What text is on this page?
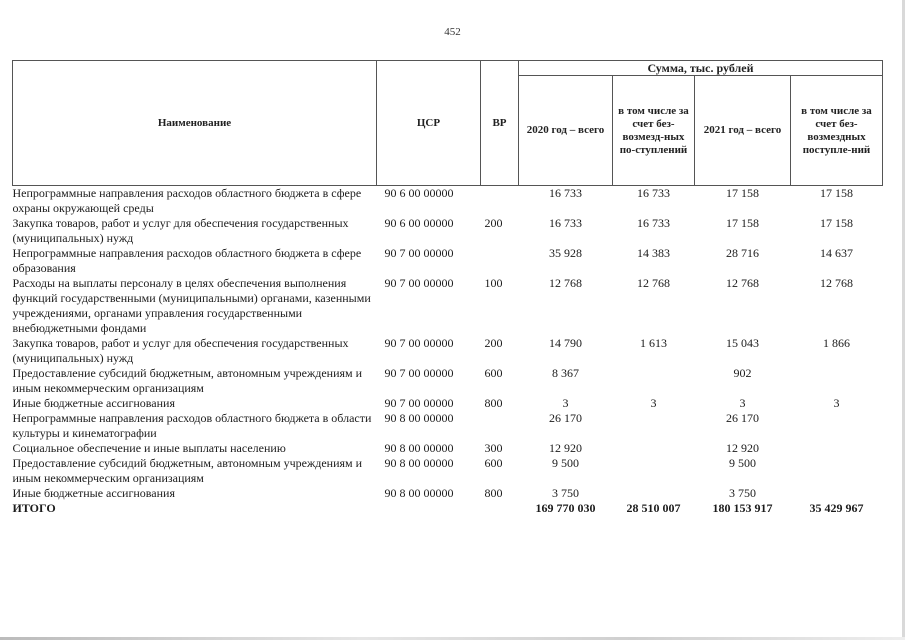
452
Наименование	ЦСР	ВР	Сумма, тыс. рублей			
			2020 год – всего	в том числе за счет без-возмезд-ных по-ступлений	2021 год – всего	в том числе за счет без-возмездных поступле-ний
Непрограммные направления расходов областного бюджета в сфере охраны окружающей среды	90 6 00 00000		16 733	16 733	17 158	17 158
Закупка товаров, работ и услуг для обеспечения государственных (муниципальных) нужд	90 6 00 00000	200	16 733	16 733	17 158	17 158
Непрограммные направления расходов областного бюджета в сфере образования	90 7 00 00000		35 928	14 383	28 716	14 637
Расходы на выплаты персоналу в целях обеспечения выполнения функций государственными (муниципальными) органами, казенными учреждениями, органами управления государственными внебюджетными фондами	90 7 00 00000	100	12 768	12 768	12 768	12 768
Закупка товаров, работ и услуг для обеспечения государственных (муниципальных) нужд	90 7 00 00000	200	14 790	1 613	15 043	1 866
Предоставление субсидий бюджетным, автономным учреждениям и иным некоммерческим организациям	90 7 00 00000	600	8 367		902	
Иные бюджетные ассигнования	90 7 00 00000	800	3	3	3	3
Непрограммные направления расходов областного бюджета в области культуры и кинематографии	90 8 00 00000		26 170		26 170	
Социальное обеспечение и иные выплаты населению	90 8 00 00000	300	12 920		12 920	
Предоставление субсидий бюджетным, автономным учреждениям и иным некоммерческим организациям	90 8 00 00000	600	9 500		9 500	
Иные бюджетные ассигнования	90 8 00 00000	800	3 750		3 750	
ИТОГО			169 770 030	28 510 007	180 153 917	35 429 967
